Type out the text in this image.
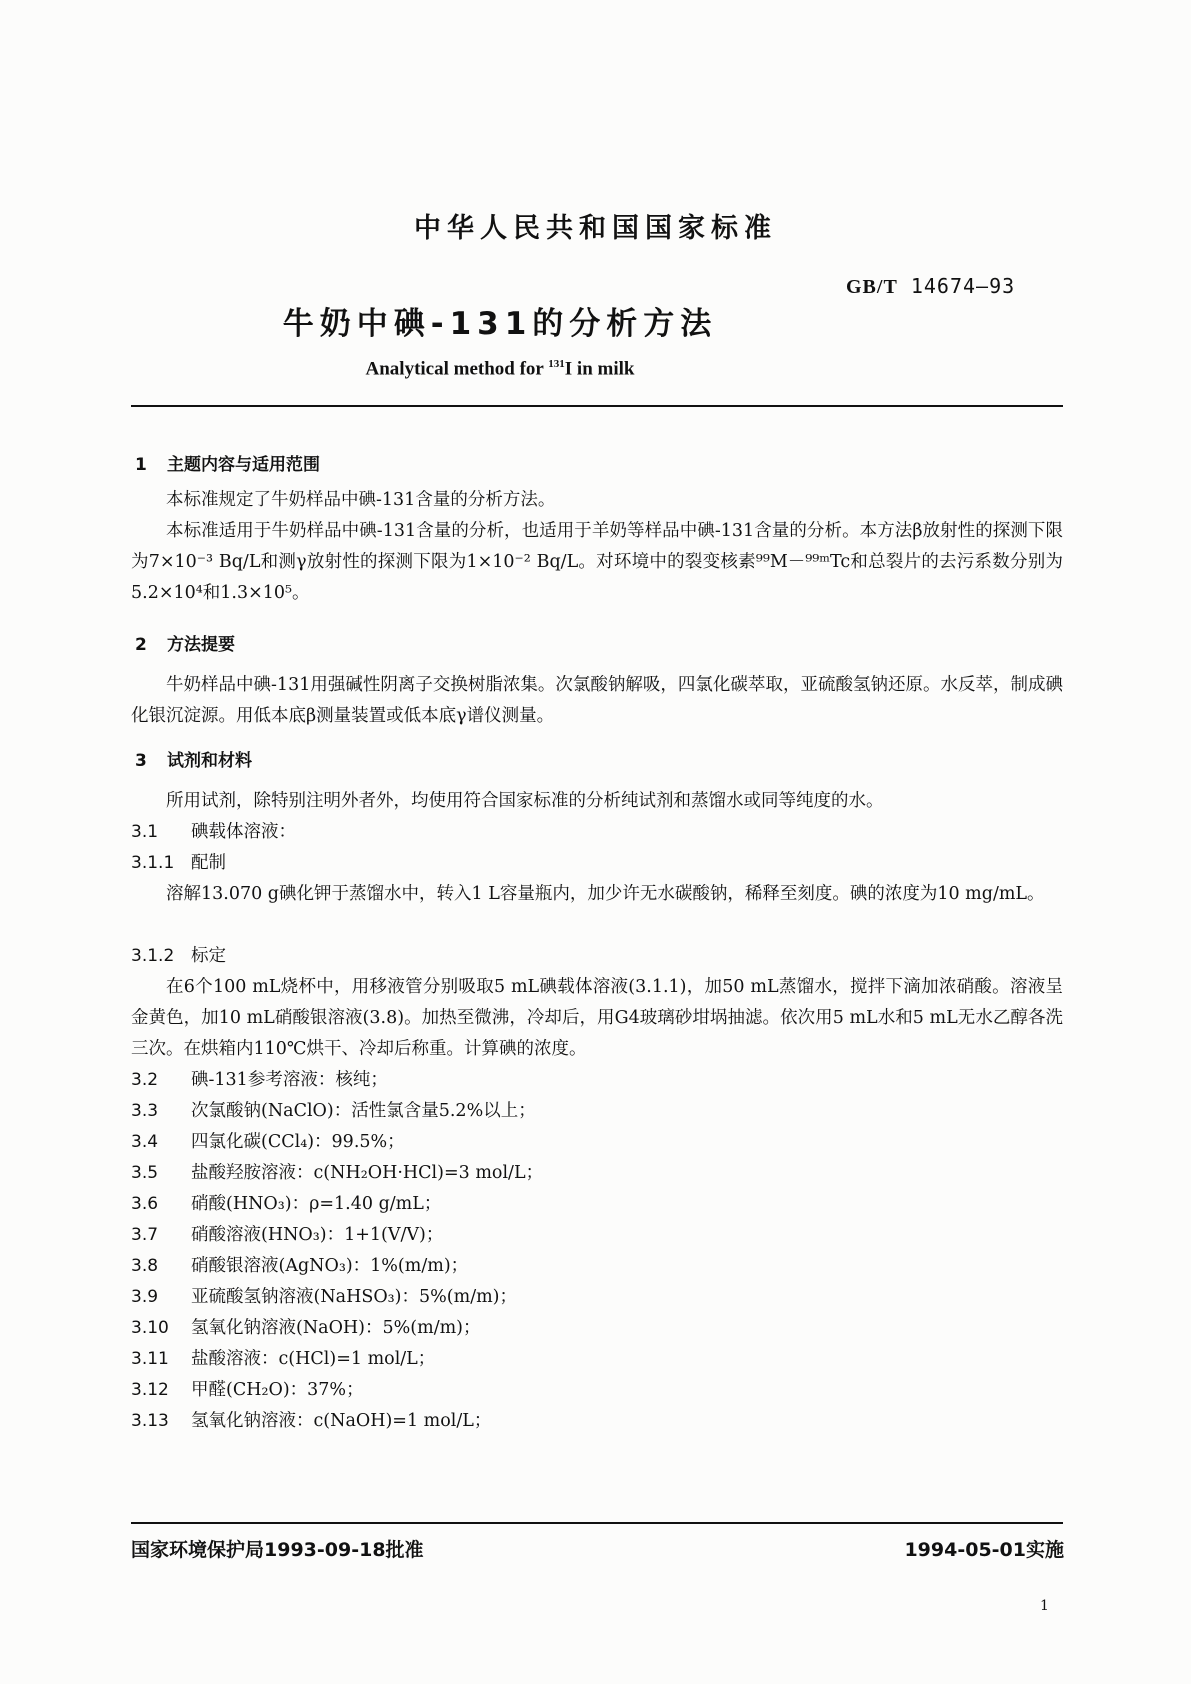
中华人民共和国国家标准
GB/T 14674—93
牛奶中碘-131的分析方法
Analytical method for $^{131}$I in milk
1 主题内容与适用范围

本标准规定了牛奶样品中碘-131含量的分析方法。

本标准适用于牛奶样品中碘-131含量的分析，也适用于羊奶等样品中碘-131含量的分析。本方法β放射性的探测下限为7×10⁻³ Bq/L和测γ放射性的探测下限为1×10⁻² Bq/L。对环境中的裂变核素⁹⁹M－⁹⁹ᵐTc和总裂片的去污系数分别为5.2×10⁴和1.3×10⁵。

2 方法提要

牛奶样品中碘-131用强碱性阴离子交换树脂浓集。次氯酸钠解吸，四氯化碳萃取，亚硫酸氢钠还原。水反萃，制成碘化银沉淀源。用低本底β测量装置或低本底γ谱仪测量。

3 试剂和材料

所用试剂，除特别注明外者外，均使用符合国家标准的分析纯试剂和蒸馏水或同等纯度的水。

3.1 碘载体溶液：
3.1.1 配制

溶解13.070 g碘化钾于蒸馏水中，转入1 L容量瓶内，加少许无水碳酸钠，稀释至刻度。碘的浓度为10 mg/mL。

3.1.2 标定

在6个100 mL烧杯中，用移液管分别吸取5 mL碘载体溶液(3.1.1)，加50 mL蒸馏水，搅拌下滴加浓硝酸。溶液呈金黄色，加10 mL硝酸银溶液(3.8)。加热至微沸，冷却后，用G4玻璃砂坩埚抽滤。依次用5 mL水和5 mL无水乙醇各洗三次。在烘箱内110℃烘干、冷却后称重。计算碘的浓度。

3.2 碘-131参考溶液：核纯；
3.3 次氯酸钠(NaClO)：活性氯含量5.2%以上；
3.4 四氯化碳(CCl₄)：99.5%；
3.5 盐酸羟胺溶液：c(NH₂OH·HCl)=3 mol/L；
3.6 硝酸(HNO₃)：ρ=1.40 g/mL；
3.7 硝酸溶液(HNO₃)：1+1(V/V)；
3.8 硝酸银溶液(AgNO₃)：1%(m/m)；
3.9 亚硫酸氢钠溶液(NaHSO₃)：5%(m/m)；
3.10 氢氧化钠溶液(NaOH)：5%(m/m)；
3.11 盐酸溶液：c(HCl)=1 mol/L；
3.12 甲醛(CH₂O)：37%；
3.13 氢氧化钠溶液：c(NaOH)=1 mol/L；
国家环境保护局1993-09-18批准	1994-05-01实施
1
